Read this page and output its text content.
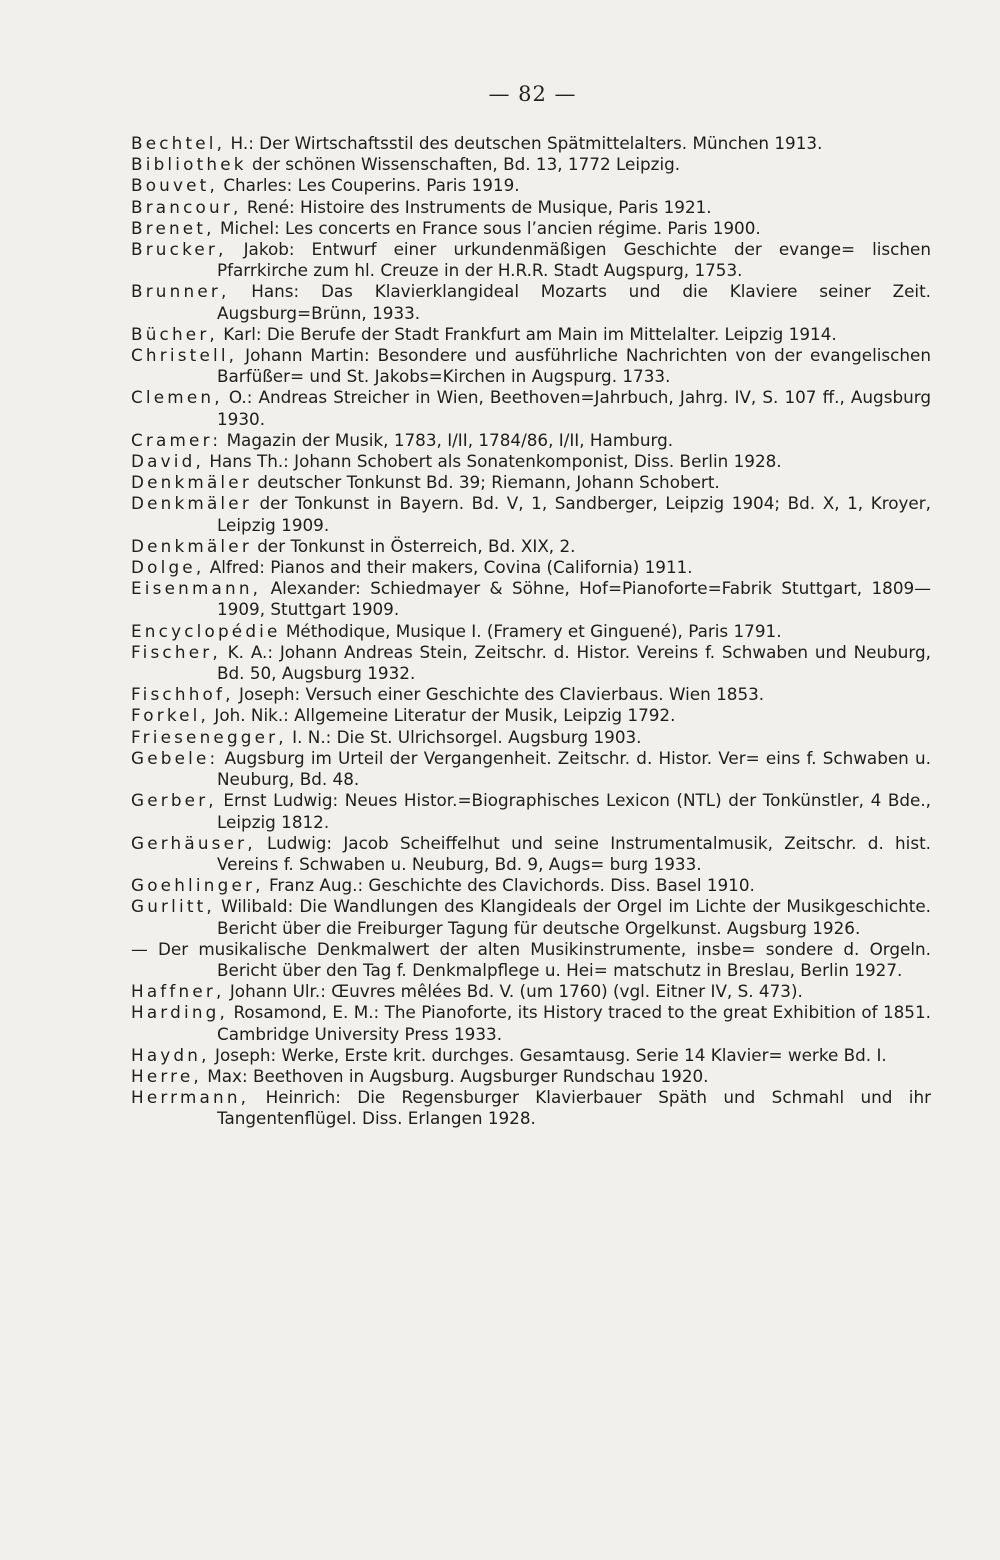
— 82 —
Bechtel, H.: Der Wirtschaftsstil des deutschen Spätmittelalters. München 1913.
Bibliothek der schönen Wissenschaften, Bd. 13, 1772 Leipzig.
Bouvet, Charles: Les Couperins. Paris 1919.
Brancour, René: Histoire des Instruments de Musique, Paris 1921.
Brenet, Michel: Les concerts en France sous l’ancien régime. Paris 1900.
Brucker, Jakob: Entwurf einer urkundenmäßigen Geschichte der evange= lischen Pfarrkirche zum hl. Creuze in der H.R.R. Stadt Augspurg, 1753.
Brunner, Hans: Das Klavierklangideal Mozarts und die Klaviere seiner Zeit. Augsburg=Brünn, 1933.
Bücher, Karl: Die Berufe der Stadt Frankfurt am Main im Mittelalter. Leipzig 1914.
Christell, Johann Martin: Besondere und ausführliche Nachrichten von der evangelischen Barfüßer= und St. Jakobs=Kirchen in Augspurg. 1733.
Clemen, O.: Andreas Streicher in Wien, Beethoven=Jahrbuch, Jahrg. IV, S. 107 ff., Augsburg 1930.
Cramer: Magazin der Musik, 1783, I/II, 1784/86, I/II, Hamburg.
David, Hans Th.: Johann Schobert als Sonatenkomponist, Diss. Berlin 1928.
Denkmäler deutscher Tonkunst Bd. 39; Riemann, Johann Schobert.
Denkmäler der Tonkunst in Bayern. Bd. V, 1, Sandberger, Leipzig 1904; Bd. X, 1, Kroyer, Leipzig 1909.
Denkmäler der Tonkunst in Österreich, Bd. XIX, 2.
Dolge, Alfred: Pianos and their makers, Covina (California) 1911.
Eisenmann, Alexander: Schiedmayer & Söhne, Hof=Pianoforte=Fabrik Stuttgart, 1809—1909, Stuttgart 1909.
Encyclopédie Méthodique, Musique I. (Framery et Ginguené), Paris 1791.
Fischer, K. A.: Johann Andreas Stein, Zeitschr. d. Histor. Vereins f. Schwaben und Neuburg, Bd. 50, Augsburg 1932.
Fischhof, Joseph: Versuch einer Geschichte des Clavierbaus. Wien 1853.
Forkel, Joh. Nik.: Allgemeine Literatur der Musik, Leipzig 1792.
Friesenegger, I. N.: Die St. Ulrichsorgel. Augsburg 1903.
Gebele: Augsburg im Urteil der Vergangenheit. Zeitschr. d. Histor. Ver= eins f. Schwaben u. Neuburg, Bd. 48.
Gerber, Ernst Ludwig: Neues Histor.=Biographisches Lexicon (NTL) der Tonkünstler, 4 Bde., Leipzig 1812.
Gerhäuser, Ludwig: Jacob Scheiffelhut und seine Instrumentalmusik, Zeitschr. d. hist. Vereins f. Schwaben u. Neuburg, Bd. 9, Augs= burg 1933.
Goehlinger, Franz Aug.: Geschichte des Clavichords. Diss. Basel 1910.
Gurlitt, Wilibald: Die Wandlungen des Klangideals der Orgel im Lichte der Musikgeschichte. Bericht über die Freiburger Tagung für deutsche Orgelkunst. Augsburg 1926.
— Der musikalische Denkmalwert der alten Musikinstrumente, insbe= sondere d. Orgeln. Bericht über den Tag f. Denkmalpflege u. Hei= matschutz in Breslau, Berlin 1927.
Haffner, Johann Ulr.: Œuvres mêlées Bd. V. (um 1760) (vgl. Eitner IV, S. 473).
Harding, Rosamond, E. M.: The Pianoforte, its History traced to the great Exhibition of 1851. Cambridge University Press 1933.
Haydn, Joseph: Werke, Erste krit. durchges. Gesamtausg. Serie 14 Klavier= werke Bd. I.
Herre, Max: Beethoven in Augsburg. Augsburger Rundschau 1920.
Herrmann, Heinrich: Die Regensburger Klavierbauer Späth und Schmahl und ihr Tangentenflügel. Diss. Erlangen 1928.
